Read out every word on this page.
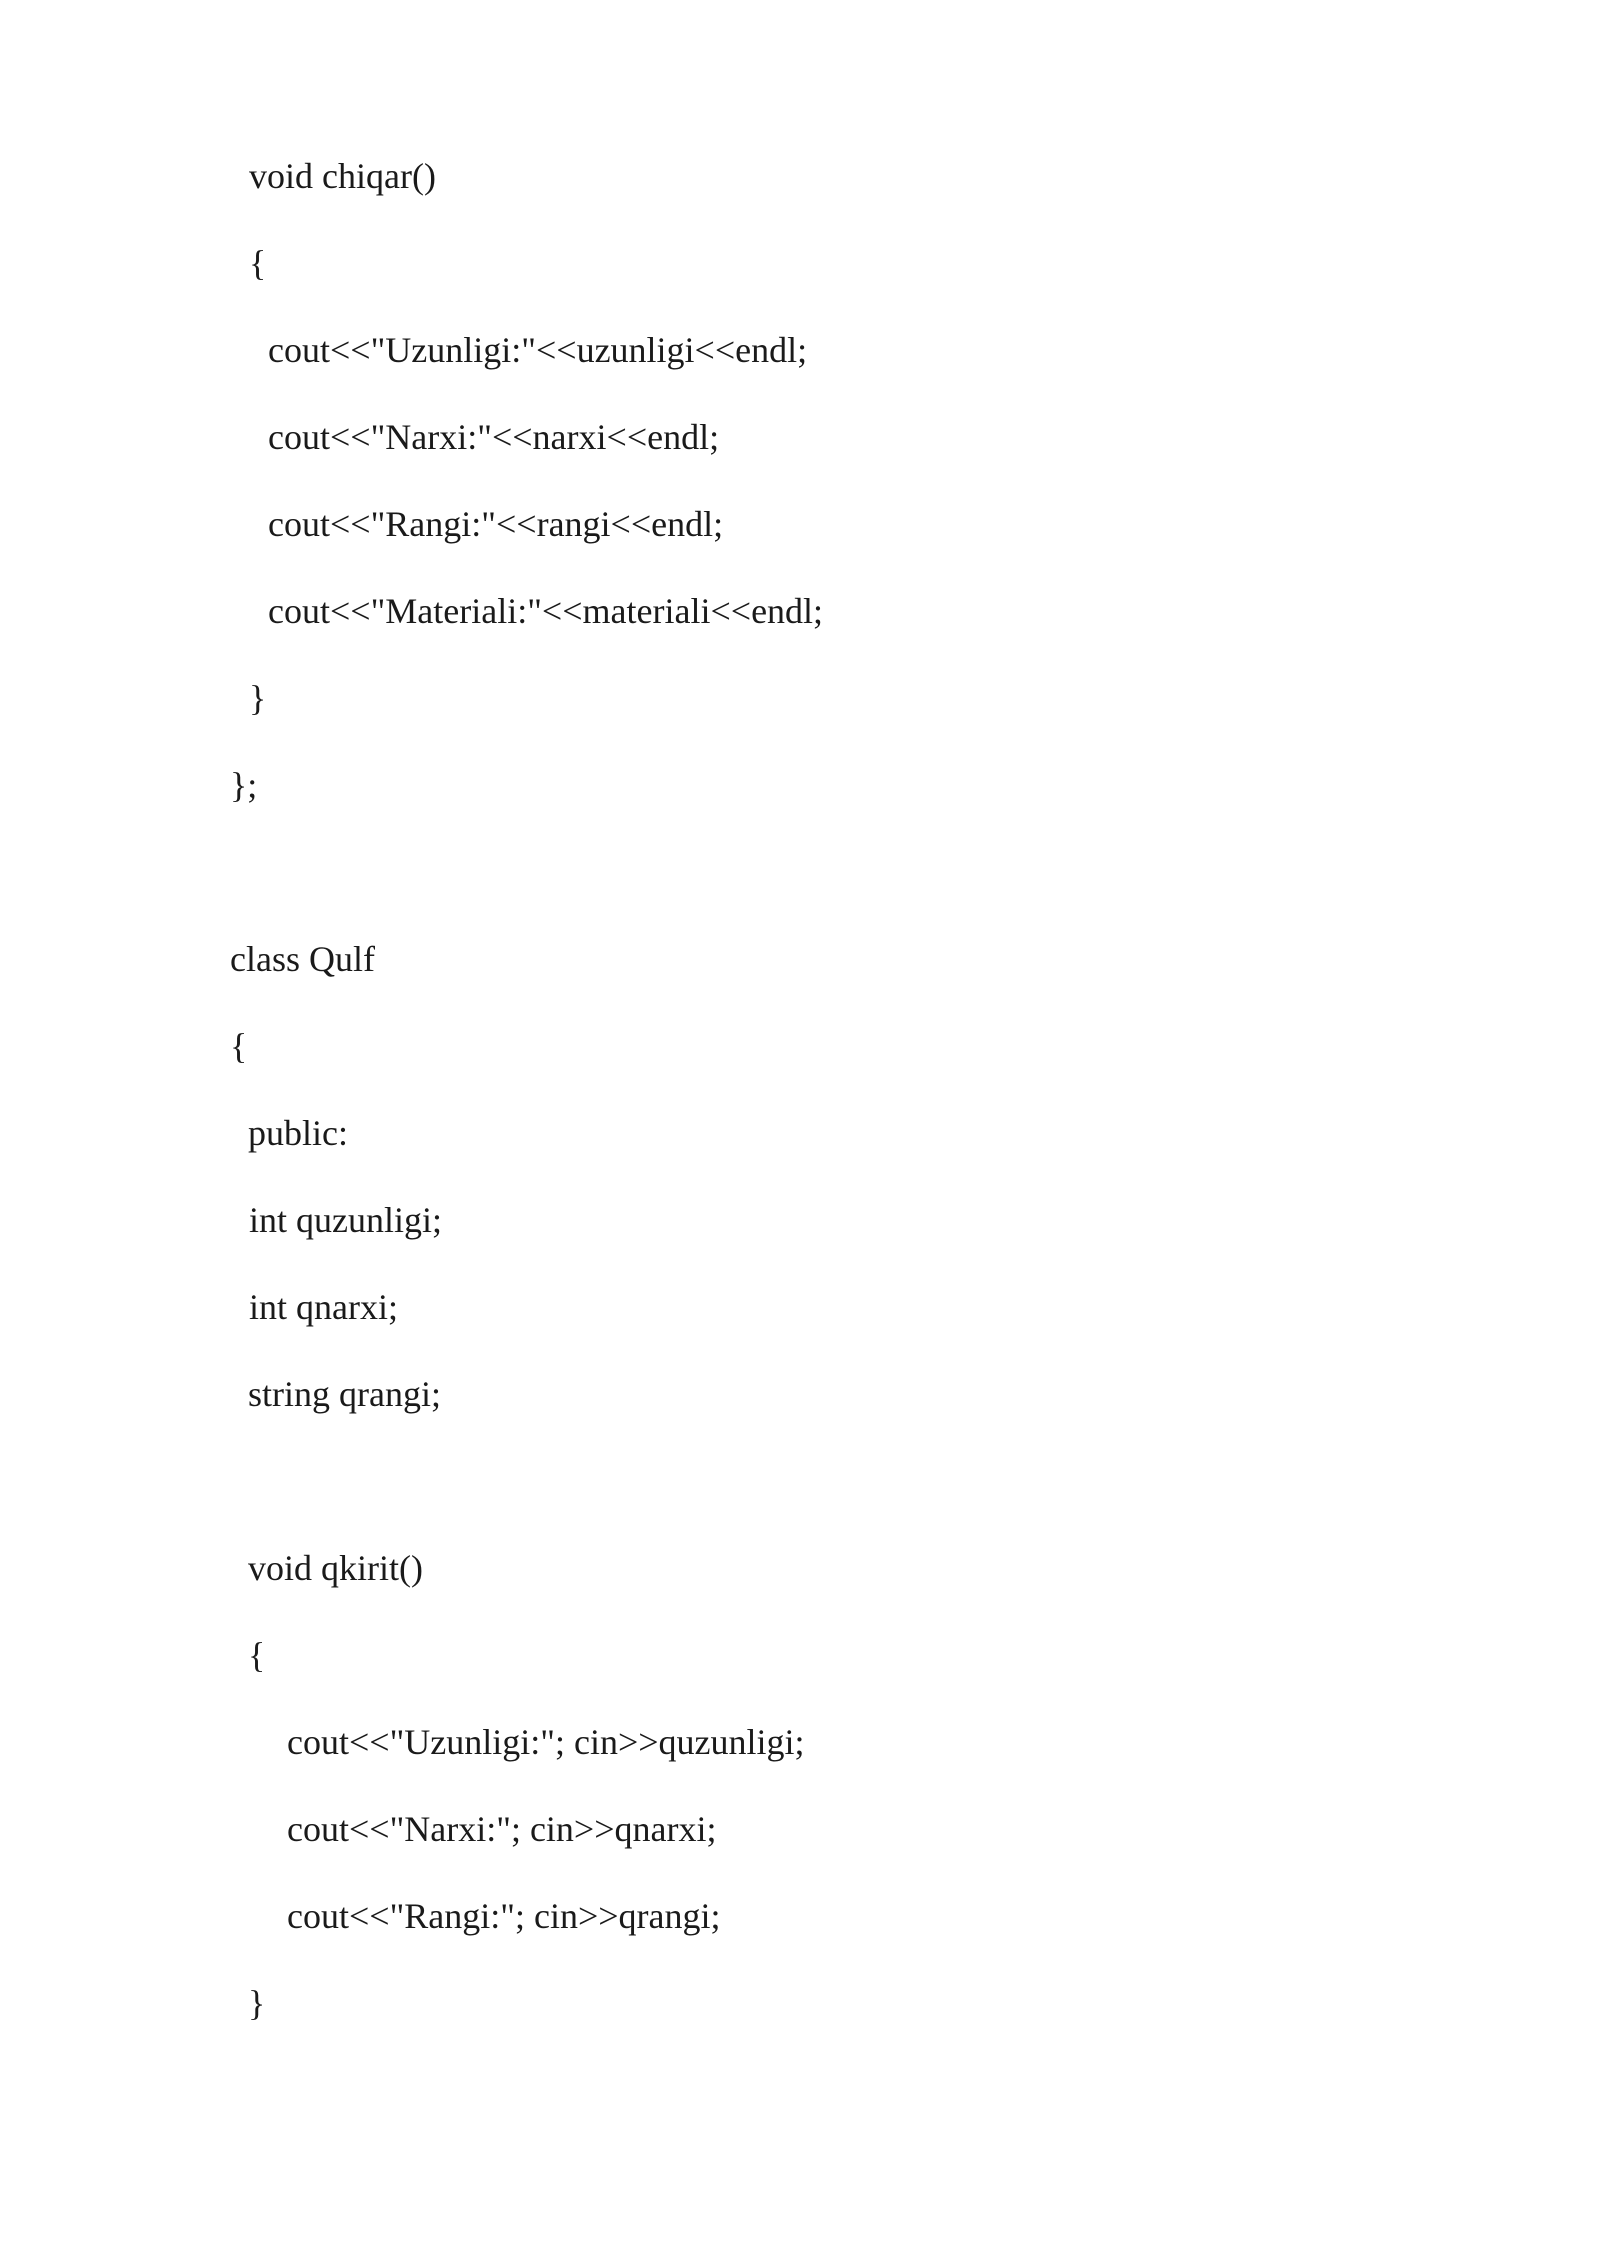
void chiqar()

{

cout<<"Uzunligi:"<<uzunligi<<endl;

cout<<"Narxi:"<<narxi<<endl;

cout<<"Rangi:"<<rangi<<endl;

cout<<"Materiali:"<<materiali<<endl;

}

};

class Qulf

{

public:

int quzunligi;

int qnarxi;

string qrangi;

void qkirit()

{

cout<<"Uzunligi:"; cin>>quzunligi;

cout<<"Narxi:"; cin>>qnarxi;

cout<<"Rangi:"; cin>>qrangi;

}
